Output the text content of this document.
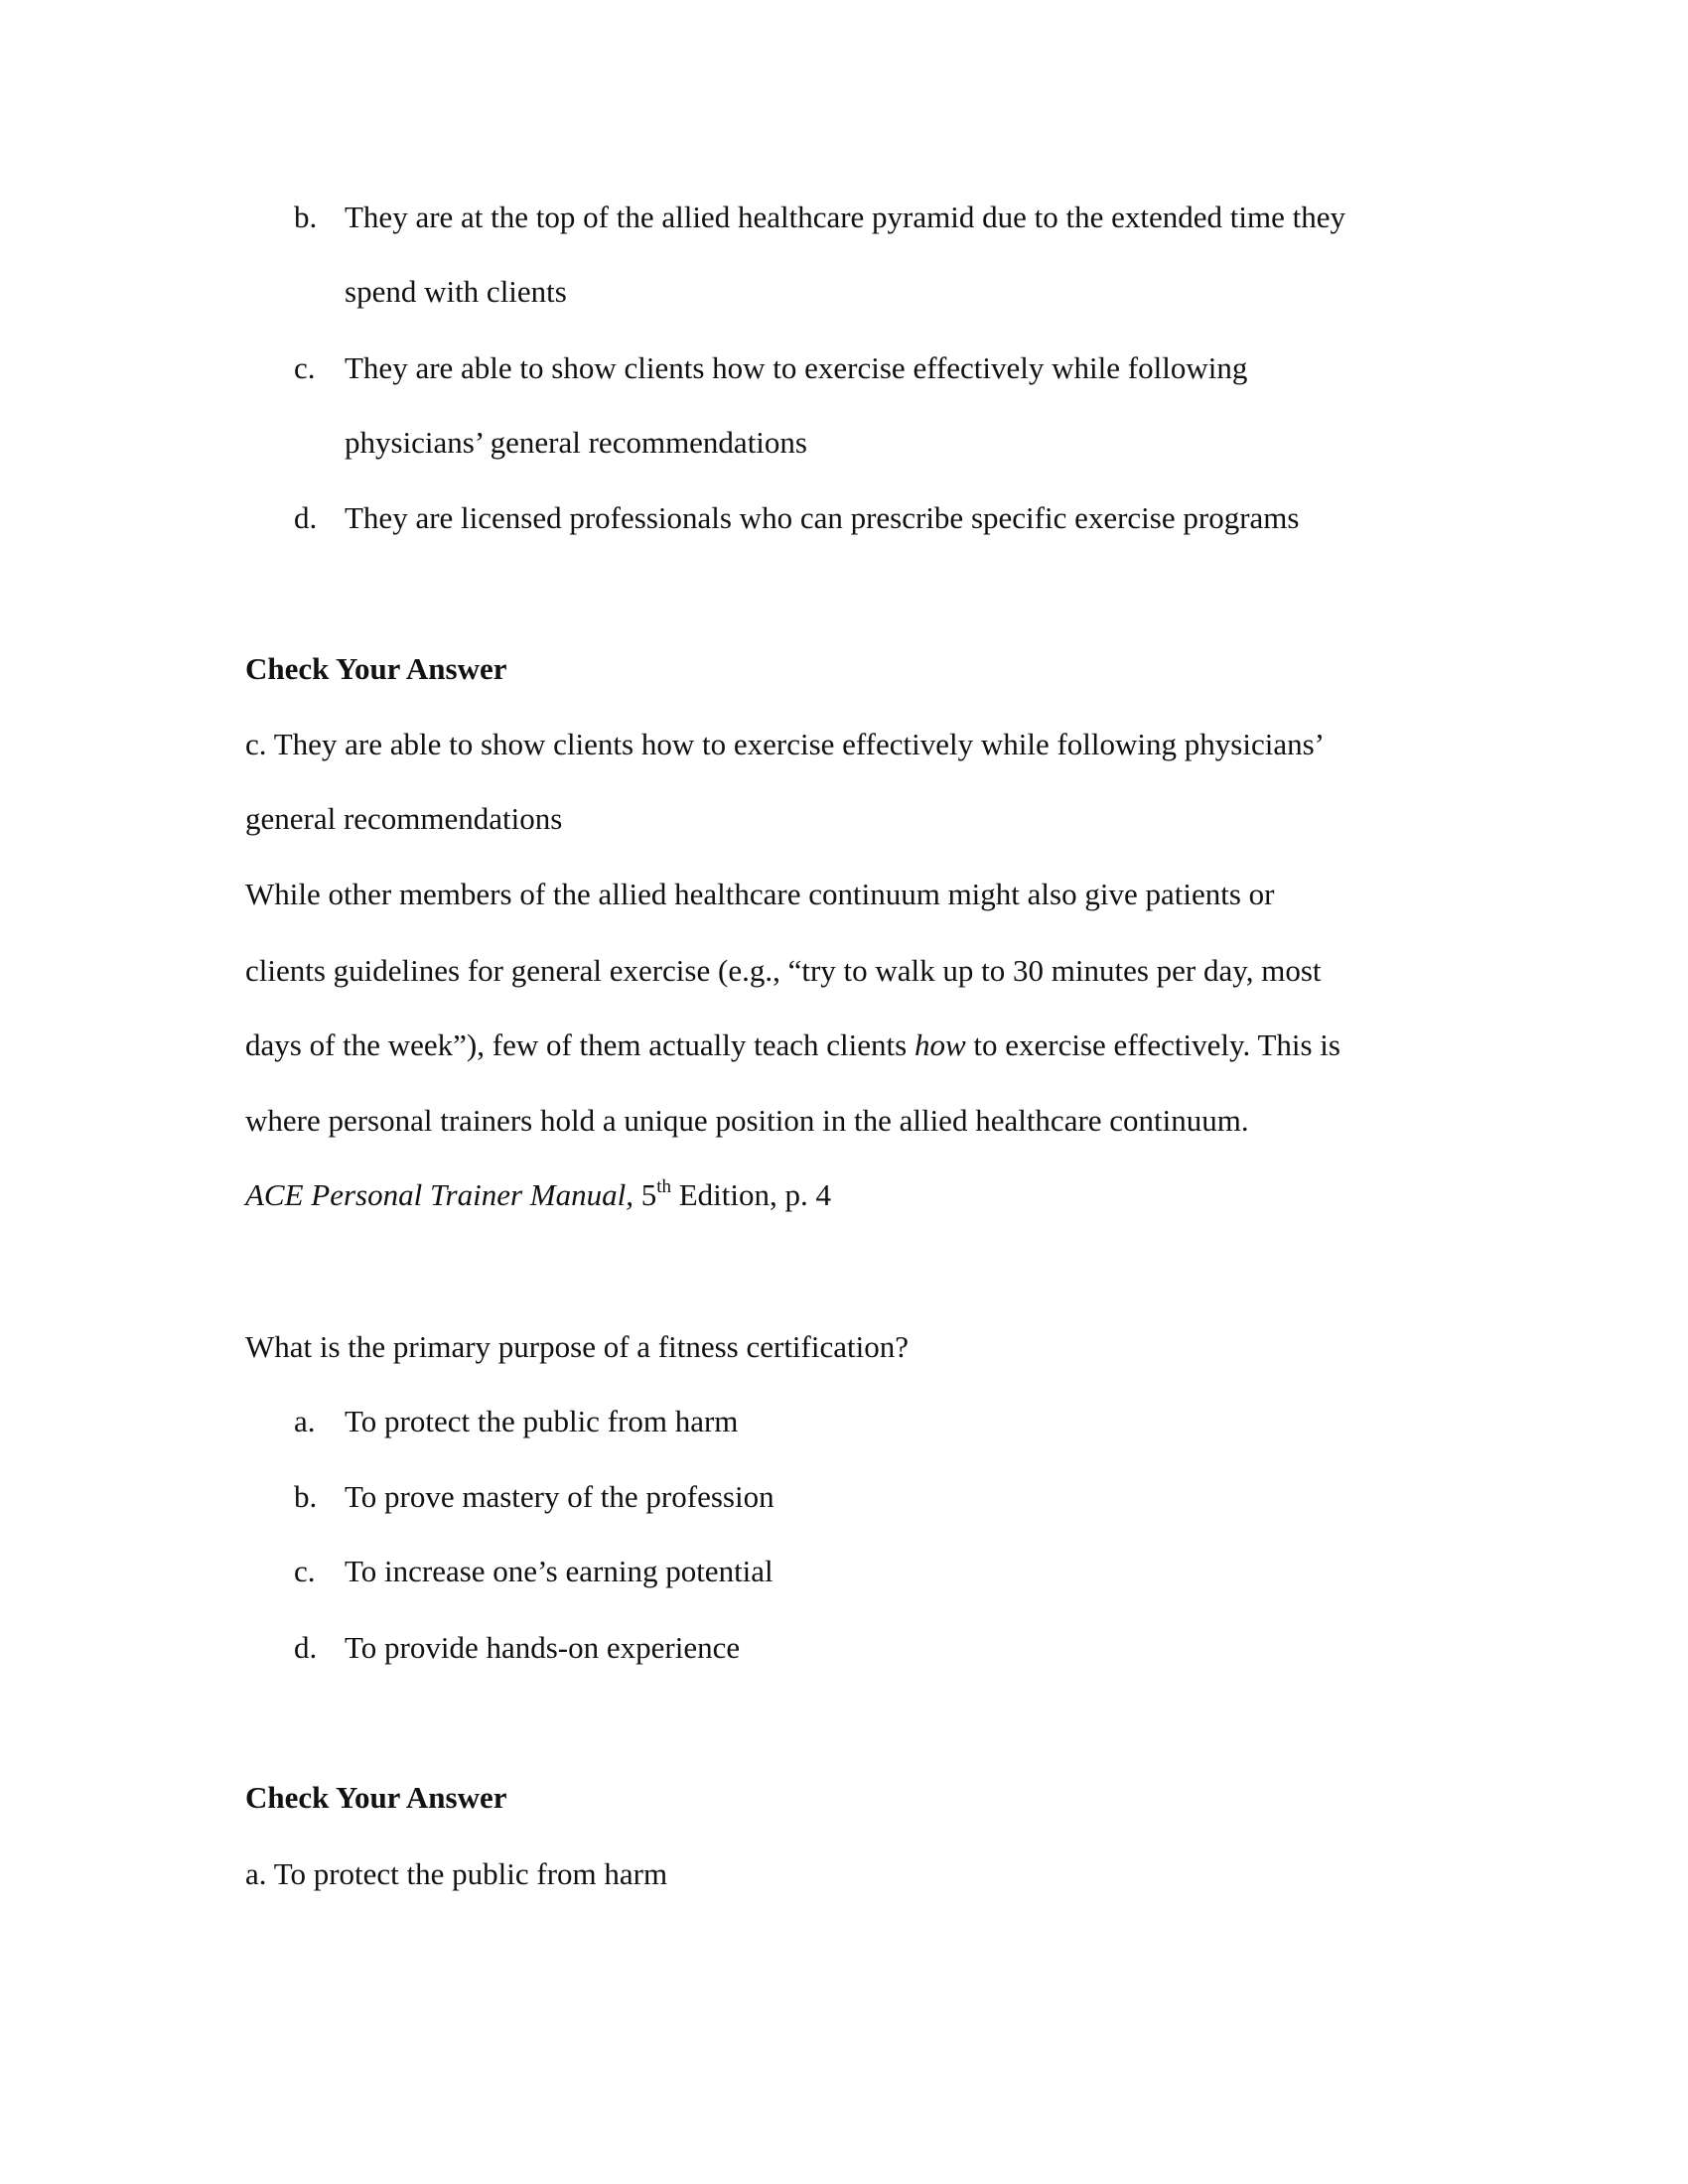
b. They are at the top of the allied healthcare pyramid due to the extended time they
spend with clients
c. They are able to show clients how to exercise effectively while following
physicians’ general recommendations
d. They are licensed professionals who can prescribe specific exercise programs
Check Your Answer
c. They are able to show clients how to exercise effectively while following physicians’
general recommendations
While other members of the allied healthcare continuum might also give patients or
clients guidelines for general exercise (e.g., “try to walk up to 30 minutes per day, most
days of the week”), few of them actually teach clients how to exercise effectively. This is
where personal trainers hold a unique position in the allied healthcare continuum.
ACE Personal Trainer Manual, 5th Edition, p. 4
What is the primary purpose of a fitness certification?
a. To protect the public from harm
b. To prove mastery of the profession
c. To increase one’s earning potential
d. To provide hands-on experience
Check Your Answer
a. To protect the public from harm
